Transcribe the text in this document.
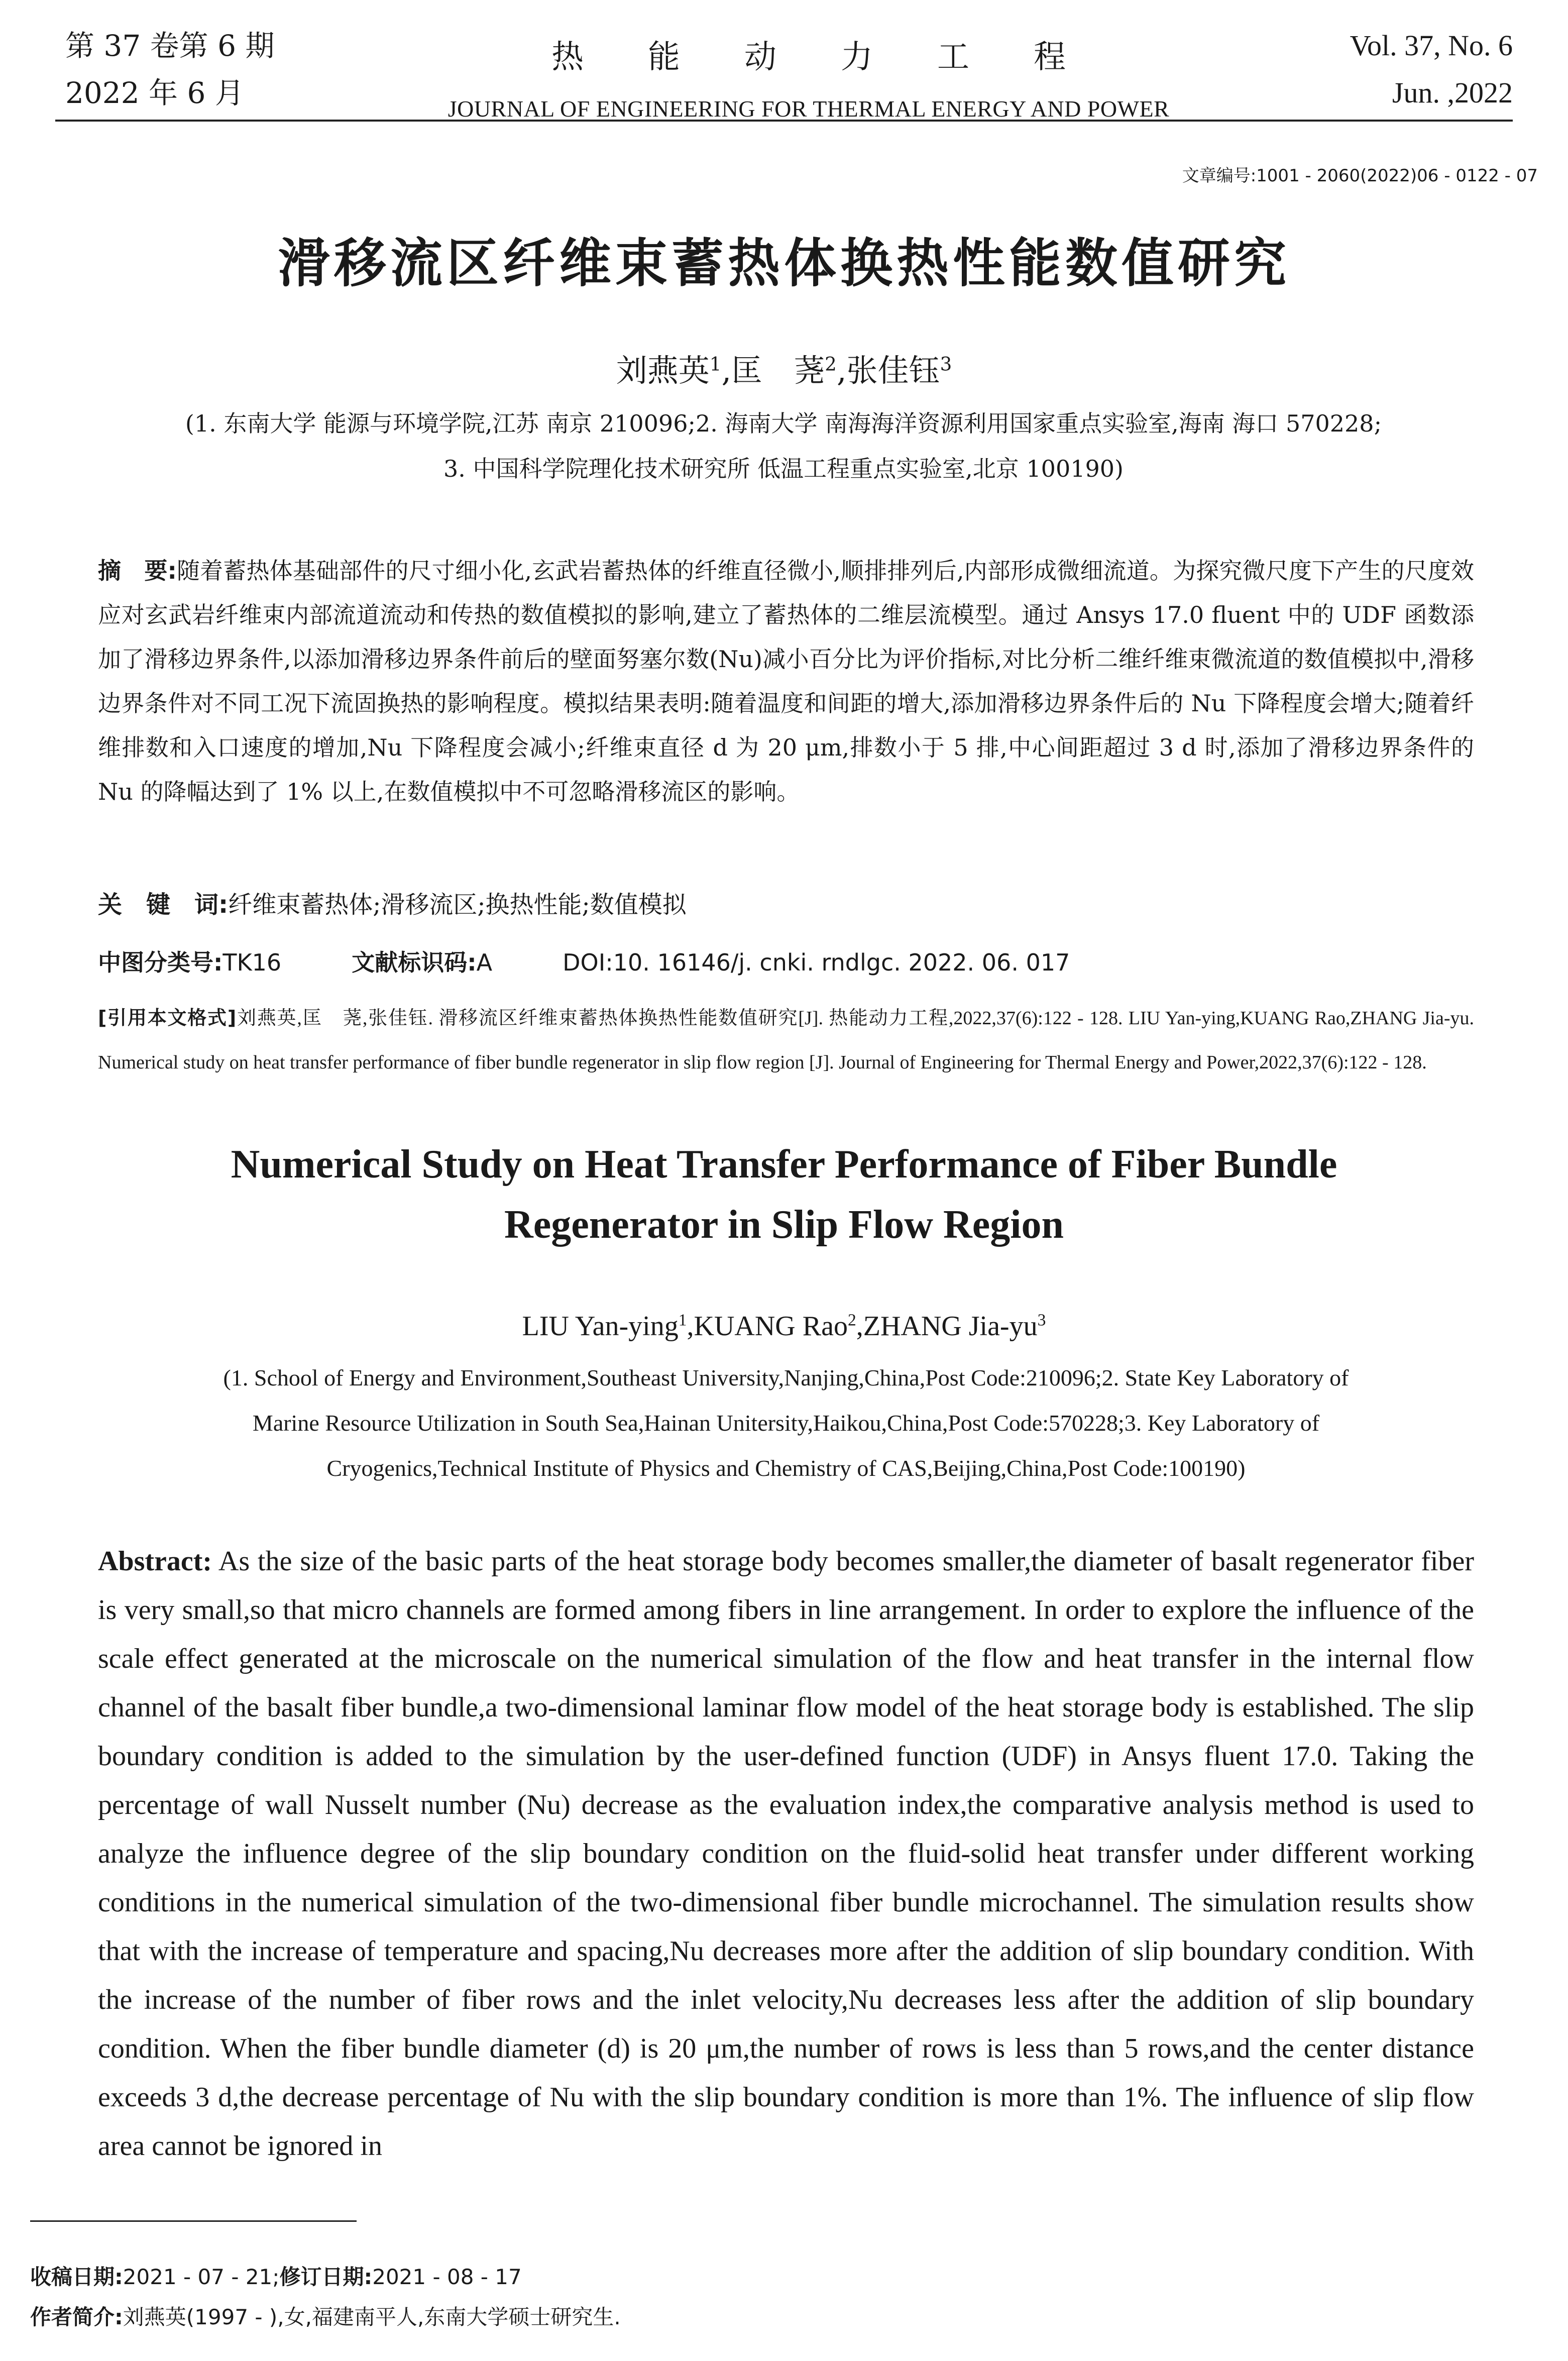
第 37 卷第 6 期
2022 年 6 月
热　　能　　动　　力　　工　　程
JOURNAL OF ENGINEERING FOR THERMAL ENERGY AND POWER
Vol. 37, No. 6
Jun. ,2022
文章编号:1001 - 2060(2022)06 - 0122 - 07
滑移流区纤维束蓄热体换热性能数值研究
刘燕英$^1$,匡　荛$^2$,张佳钰$^3$
(1. 东南大学 能源与环境学院,江苏 南京 210096;2. 海南大学 南海海洋资源利用国家重点实验室,海南 海口 570228;
3. 中国科学院理化技术研究所 低温工程重点实验室,北京 100190)
摘　要:随着蓄热体基础部件的尺寸细小化,玄武岩蓄热体的纤维直径微小,顺排排列后,内部形成微细流道。为探究微尺度下产生的尺度效应对玄武岩纤维束内部流道流动和传热的数值模拟的影响,建立了蓄热体的二维层流模型。通过 Ansys 17.0 fluent 中的 UDF 函数添加了滑移边界条件,以添加滑移边界条件前后的壁面努塞尔数(Nu)减小百分比为评价指标,对比分析二维纤维束微流道的数值模拟中,滑移边界条件对不同工况下流固换热的影响程度。模拟结果表明:随着温度和间距的增大,添加滑移边界条件后的 Nu 下降程度会增大;随着纤维排数和入口速度的增加,Nu 下降程度会减小;纤维束直径 d 为 20 μm,排数小于 5 排,中心间距超过 3 d 时,添加了滑移边界条件的 Nu 的降幅达到了 1% 以上,在数值模拟中不可忽略滑移流区的影响。
关　键　词:纤维束蓄热体;滑移流区;换热性能;数值模拟
中图分类号:TK16	文献标识码:A	DOI:10. 16146/j. cnki. rndlgc. 2022. 06. 017
[引用本文格式]刘燕英,匡　荛,张佳钰. 滑移流区纤维束蓄热体换热性能数值研究[J]. 热能动力工程,2022,37(6):122 - 128. LIU Yan-ying,KUANG Rao,ZHANG Jia-yu. Numerical study on heat transfer performance of fiber bundle regenerator in slip flow region [J]. Journal of Engineering for Thermal Energy and Power,2022,37(6):122 - 128.
Numerical Study on Heat Transfer Performance of Fiber Bundle
Regenerator in Slip Flow Region
LIU Yan-ying$^1$,KUANG Rao$^2$,ZHANG Jia-$yu^3$
(1. School of Energy and Environment,Southeast University,Nanjing,China,Post Code:210096;2. State Key Laboratory of
Marine Resource Utilization in South Sea,Hainan Unitersity,Haikou,China,Post Code:570228;3. Key Laboratory of
Cryogenics,Technical Institute of Physics and Chemistry of CAS,Beijing,China,Post Code:100190)
Abstract: As the size of the basic parts of the heat storage body becomes smaller,the diameter of basalt regenerator fiber is very small,so that micro channels are formed among fibers in line arrangement. In order to explore the influence of the scale effect generated at the microscale on the numerical simulation of the flow and heat transfer in the internal flow channel of the basalt fiber bundle,a two-dimensional laminar flow model of the heat storage body is established. The slip boundary condition is added to the simulation by the user-defined function (UDF) in Ansys fluent 17.0. Taking the percentage of wall Nusselt number (Nu) decrease as the evaluation index,the comparative analysis method is used to analyze the influence degree of the slip boundary condition on the fluid-solid heat transfer under different working conditions in the numerical simulation of the two-dimensional fiber bundle microchannel. The simulation results show that with the increase of temperature and spacing,Nu decreases more after the addition of slip boundary condition. With the increase of the number of fiber rows and the inlet velocity,Nu decreases less after the addition of slip boundary condition. When the fiber bundle diameter (d) is 20 μm,the number of rows is less than 5 rows,and the center distance exceeds 3 d,the decrease percentage of Nu with the slip boundary condition is more than 1%. The influence of slip flow area cannot be ignored in
收稿日期:2021 - 07 - 21;修订日期:2021 - 08 - 17
作者简介:刘燕英(1997 - ),女,福建南平人,东南大学硕士研究生.
